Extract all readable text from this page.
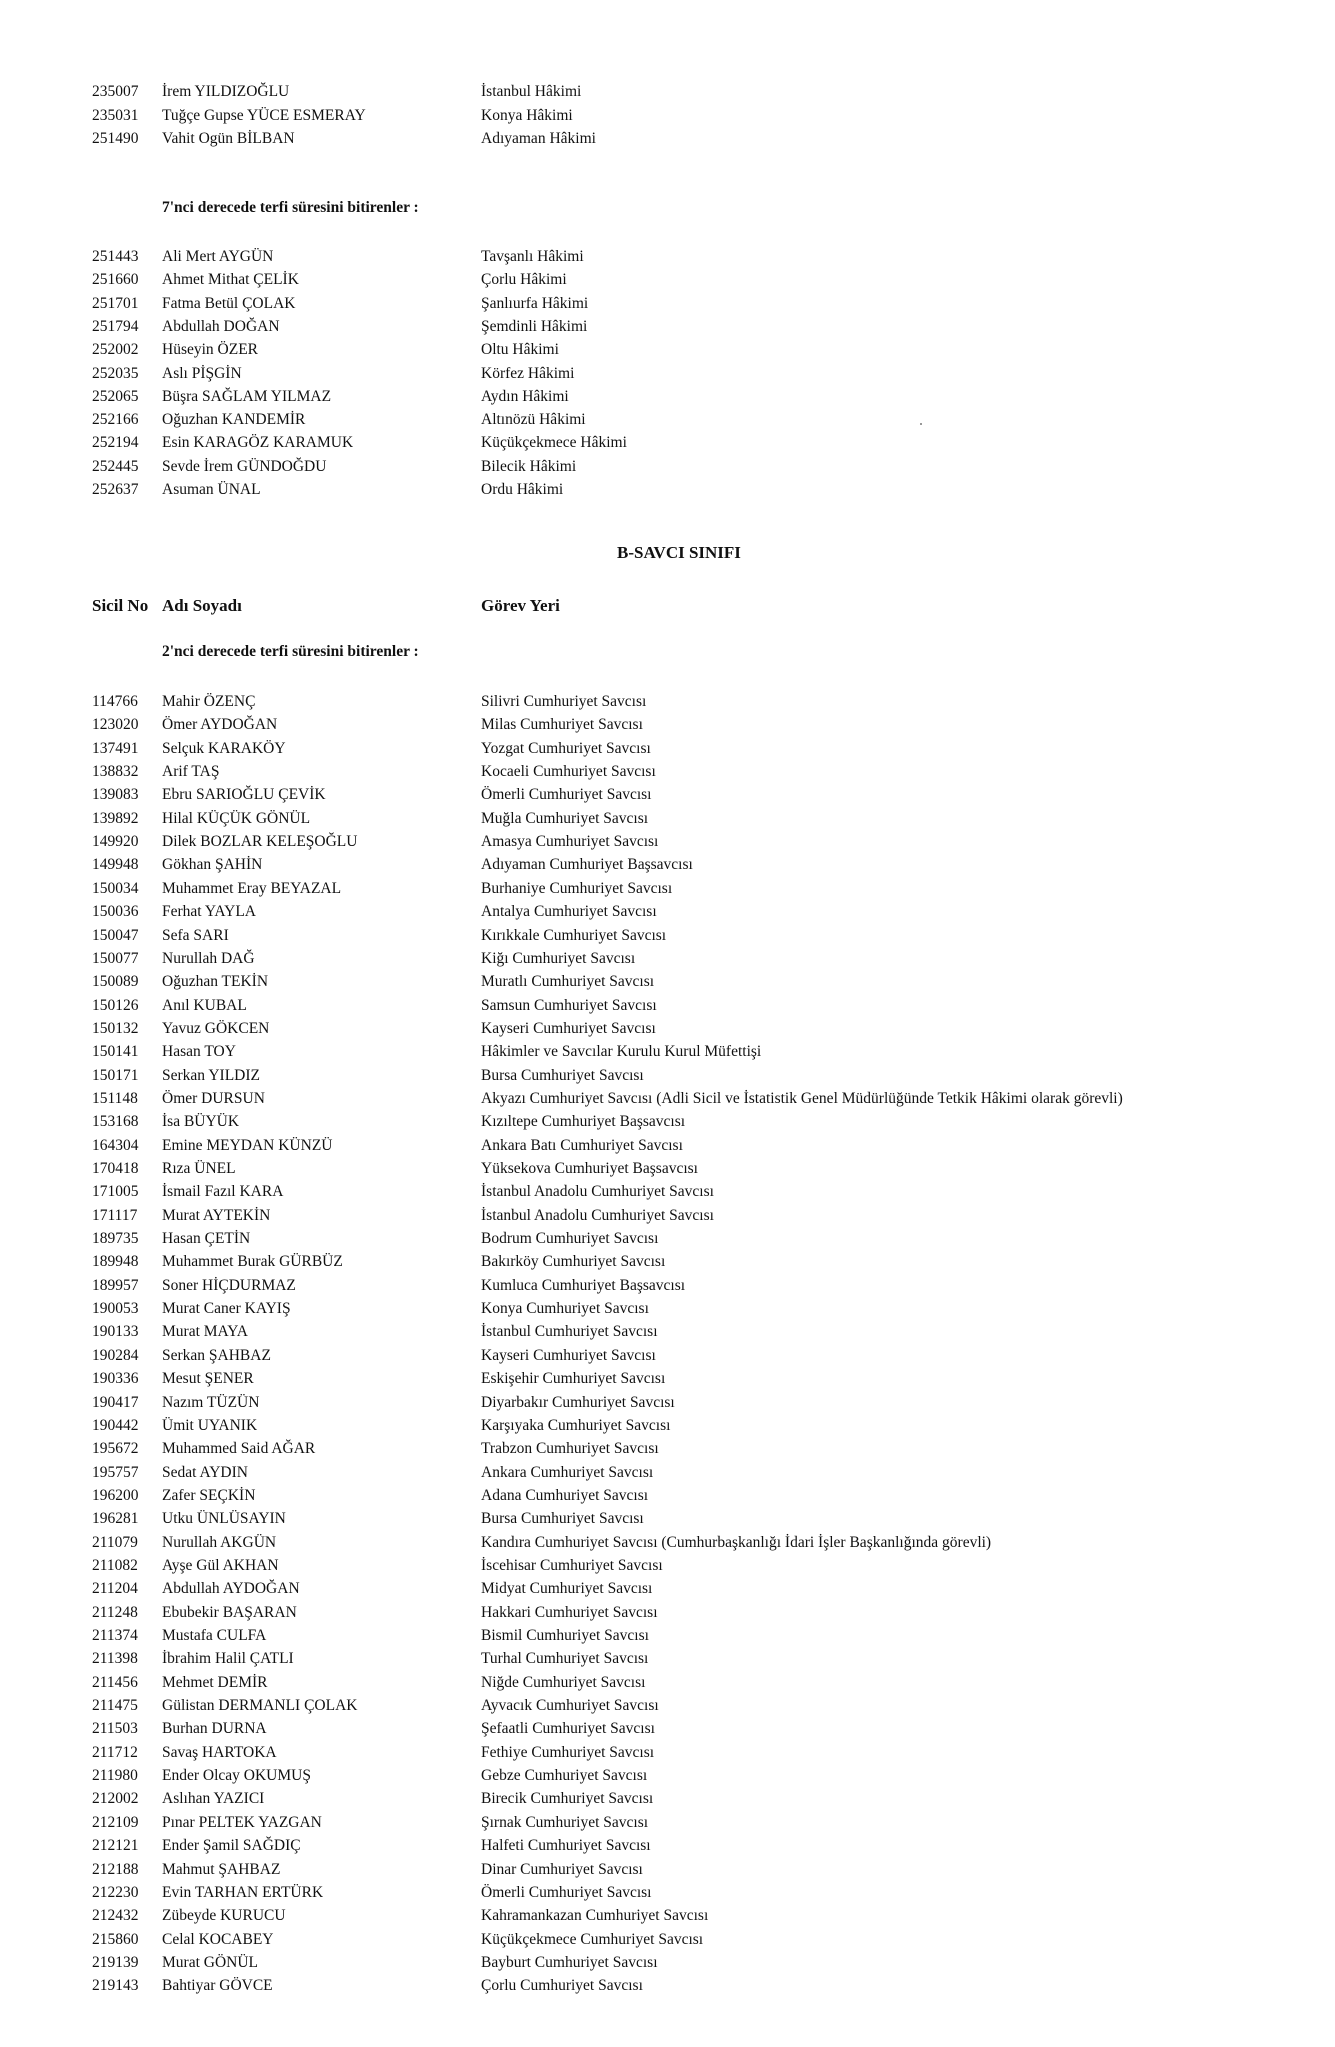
235007 İrem YILDIZOĞLU	İstanbul Hâkimi
235031 Tuğçe Gupse YÜCE ESMERAY	Konya Hâkimi
251490 Vahit Ogün BİLBAN	Adıyaman Hâkimi
7'nci derecede terfi süresini bitirenler :
251443 Ali Mert AYGÜN	Tavşanlı Hâkimi
251660 Ahmet Mithat ÇELİK	Çorlu Hâkimi
251701 Fatma Betül ÇOLAK	Şanlıurfa Hâkimi
251794 Abdullah DOĞAN	Şemdinli Hâkimi
252002 Hüseyin ÖZER	Oltu Hâkimi
252035 Aslı PİŞGİN	Körfez Hâkimi
252065 Büşra SAĞLAM YILMAZ	Aydın Hâkimi
252166 Oğuzhan KANDEMİR	Altınözü Hâkimi
252194 Esin KARAGÖZ KARAMUK	Küçükçekmece Hâkimi
252445 Sevde İrem GÜNDOĞDU	Bilecik Hâkimi
252637 Asuman ÜNAL	Ordu Hâkimi
B-SAVCI SINIFI
Sicil No Adı Soyadı	Görev Yeri
2'nci derecede terfi süresini bitirenler :
114766 Mahir ÖZENÇ	Silivri Cumhuriyet Savcısı
123020 Ömer AYDOĞAN	Milas Cumhuriyet Savcısı
137491 Selçuk KARAKÖY	Yozgat Cumhuriyet Savcısı
138832 Arif TAŞ	Kocaeli Cumhuriyet Savcısı
139083 Ebru SARIOĞLU ÇEVİK	Ömerli Cumhuriyet Savcısı
139892 Hilal KÜÇÜK GÖNÜL	Muğla Cumhuriyet Savcısı
149920 Dilek BOZLAR KELEŞOĞLU	Amasya Cumhuriyet Savcısı
149948 Gökhan ŞAHİN	Adıyaman Cumhuriyet Başsavcısı
150034 Muhammet Eray BEYAZAL	Burhaniye Cumhuriyet Savcısı
150036 Ferhat YAYLA	Antalya Cumhuriyet Savcısı
150047 Sefa SARI	Kırıkkale Cumhuriyet Savcısı
150077 Nurullah DAĞ	Kiğı Cumhuriyet Savcısı
150089 Oğuzhan TEKİN	Muratlı Cumhuriyet Savcısı
150126 Anıl KUBAL	Samsun Cumhuriyet Savcısı
150132 Yavuz GÖKCEN	Kayseri Cumhuriyet Savcısı
150141 Hasan TOY	Hâkimler ve Savcılar Kurulu Kurul Müfettişi
150171 Serkan YILDIZ	Bursa Cumhuriyet Savcısı
151148 Ömer DURSUN	Akyazı Cumhuriyet Savcısı (Adli Sicil ve İstatistik Genel Müdürlüğünde Tetkik Hâkimi olarak görevli)
153168 İsa BÜYÜK	Kızıltepe Cumhuriyet Başsavcısı
164304 Emine MEYDAN KÜNZÜ	Ankara Batı Cumhuriyet Savcısı
170418 Rıza ÜNEL	Yüksekova Cumhuriyet Başsavcısı
171005 İsmail Fazıl KARA	İstanbul Anadolu Cumhuriyet Savcısı
171117 Murat AYTEKİN	İstanbul Anadolu Cumhuriyet Savcısı
189735 Hasan ÇETİN	Bodrum Cumhuriyet Savcısı
189948 Muhammet Burak GÜRBÜZ	Bakırköy Cumhuriyet Savcısı
189957 Soner HİÇDURMAZ	Kumluca Cumhuriyet Başsavcısı
190053 Murat Caner KAYIŞ	Konya Cumhuriyet Savcısı
190133 Murat MAYA	İstanbul Cumhuriyet Savcısı
190284 Serkan ŞAHBAZ	Kayseri Cumhuriyet Savcısı
190336 Mesut ŞENER	Eskişehir Cumhuriyet Savcısı
190417 Nazım TÜZÜN	Diyarbakır Cumhuriyet Savcısı
190442 Ümit UYANIK	Karşıyaka Cumhuriyet Savcısı
195672 Muhammed Said AĞAR	Trabzon Cumhuriyet Savcısı
195757 Sedat AYDIN	Ankara Cumhuriyet Savcısı
196200 Zafer SEÇKİN	Adana Cumhuriyet Savcısı
196281 Utku ÜNLÜSAYIN	Bursa Cumhuriyet Savcısı
211079 Nurullah AKGÜN	Kandıra Cumhuriyet Savcısı (Cumhurbaşkanlığı İdari İşler Başkanlığında görevli)
211082 Ayşe Gül AKHAN	İscehisar Cumhuriyet Savcısı
211204 Abdullah AYDOĞAN	Midyat Cumhuriyet Savcısı
211248 Ebubekir BAŞARAN	Hakkari Cumhuriyet Savcısı
211374 Mustafa CULFA	Bismil Cumhuriyet Savcısı
211398 İbrahim Halil ÇATLI	Turhal Cumhuriyet Savcısı
211456 Mehmet DEMİR	Niğde Cumhuriyet Savcısı
211475 Gülistan DERMANLI ÇOLAK	Ayvacık Cumhuriyet Savcısı
211503 Burhan DURNA	Şefaatli Cumhuriyet Savcısı
211712 Savaş HARTOKA	Fethiye Cumhuriyet Savcısı
211980 Ender Olcay OKUMUŞ	Gebze Cumhuriyet Savcısı
212002 Aslıhan YAZICI	Birecik Cumhuriyet Savcısı
212109 Pınar PELTEK YAZGAN	Şırnak Cumhuriyet Savcısı
212121 Ender Şamil SAĞDIÇ	Halfeti Cumhuriyet Savcısı
212188 Mahmut ŞAHBAZ	Dinar Cumhuriyet Savcısı
212230 Evin TARHAN ERTÜRK	Ömerli Cumhuriyet Savcısı
212432 Zübeyde KURUCU	Kahramankazan Cumhuriyet Savcısı
215860 Celal KOCABEY	Küçükçekmece Cumhuriyet Savcısı
219139 Murat GÖNÜL	Bayburt Cumhuriyet Savcısı
219143 Bahtiyar GÖVCE	Çorlu Cumhuriyet Savcısı
